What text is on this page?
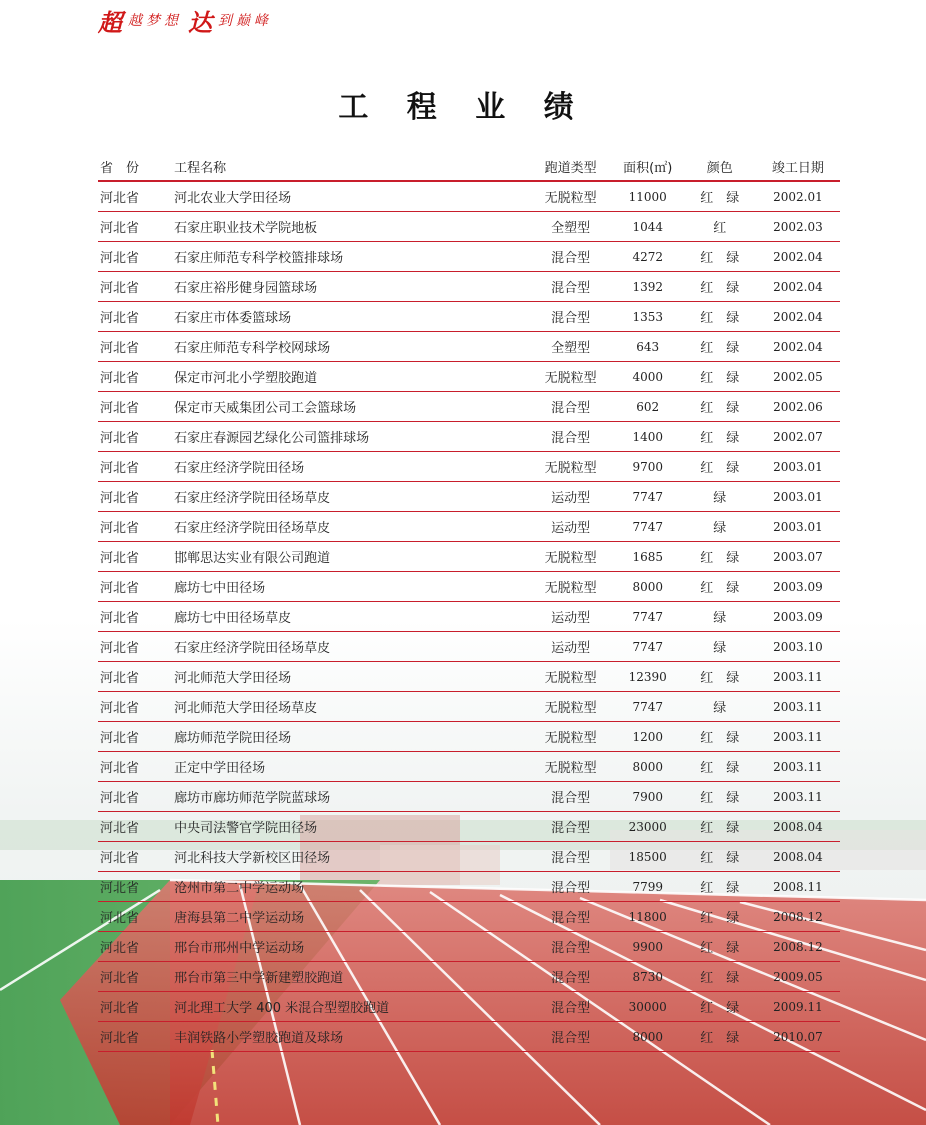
超 越梦想 达 到巅峰
工 程 业 绩
省　份	工程名称	跑道类型	面积(㎡)	颜色	竣工日期
河北省	河北农业大学田径场	无脱粒型	11000	红　绿	2002.01
河北省	石家庄职业技术学院地板	全塑型	1044	红	2002.03
河北省	石家庄师范专科学校篮排球场	混合型	4272	红　绿	2002.04
河北省	石家庄裕彤健身园篮球场	混合型	1392	红　绿	2002.04
河北省	石家庄市体委篮球场	混合型	1353	红　绿	2002.04
河北省	石家庄师范专科学校网球场	全塑型	643	红　绿	2002.04
河北省	保定市河北小学塑胶跑道	无脱粒型	4000	红　绿	2002.05
河北省	保定市天威集团公司工会篮球场	混合型	602	红　绿	2002.06
河北省	石家庄春源园艺绿化公司篮排球场	混合型	1400	红　绿	2002.07
河北省	石家庄经济学院田径场	无脱粒型	9700	红　绿	2003.01
河北省	石家庄经济学院田径场草皮	运动型	7747	绿	2003.01
河北省	石家庄经济学院田径场草皮	运动型	7747	绿	2003.01
河北省	邯郸思达实业有限公司跑道	无脱粒型	1685	红　绿	2003.07
河北省	廊坊七中田径场	无脱粒型	8000	红　绿	2003.09
河北省	廊坊七中田径场草皮	运动型	7747	绿	2003.09
河北省	石家庄经济学院田径场草皮	运动型	7747	绿	2003.10
河北省	河北师范大学田径场	无脱粒型	12390	红　绿	2003.11
河北省	河北师范大学田径场草皮	无脱粒型	7747	绿	2003.11
河北省	廊坊师范学院田径场	无脱粒型	1200	红　绿	2003.11
河北省	正定中学田径场	无脱粒型	8000	红　绿	2003.11
河北省	廊坊市廊坊师范学院蓝球场	混合型	7900	红　绿	2003.11
河北省	中央司法警官学院田径场	混合型	23000	红　绿	2008.04
河北省	河北科技大学新校区田径场	混合型	18500	红　绿	2008.04
河北省	沧州市第二中学运动场	混合型	7799	红　绿	2008.11
河北省	唐海县第二中学运动场	混合型	11800	红　绿	2008.12
河北省	邢台市邢州中学运动场	混合型	9900	红　绿	2008.12
河北省	邢台市第三中学新建塑胶跑道	混合型	8730	红　绿	2009.05
河北省	河北理工大学 400 米混合型塑胶跑道	混合型	30000	红　绿	2009.11
河北省	丰润铁路小学塑胶跑道及球场	混合型	8000	红　绿	2010.07
